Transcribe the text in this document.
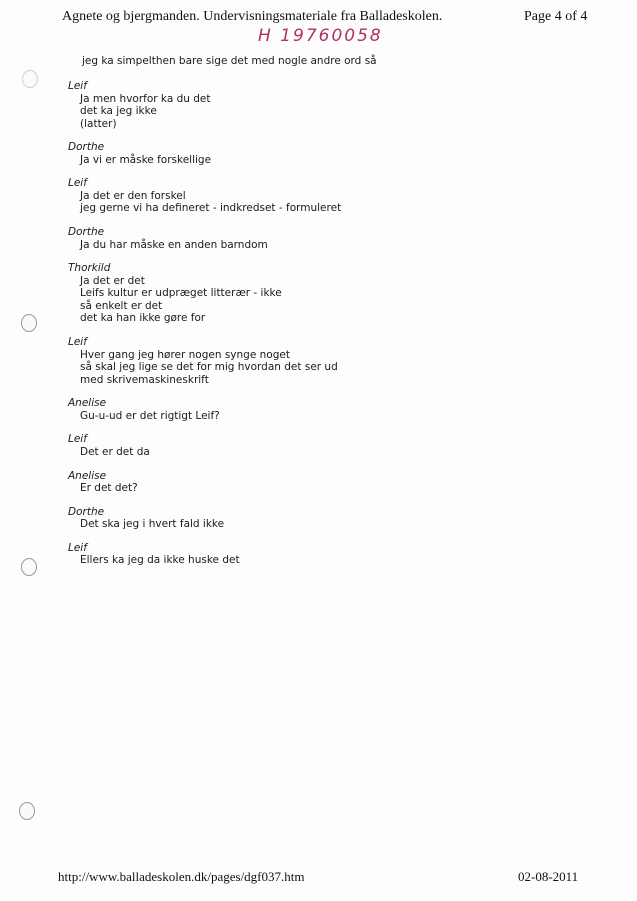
Agnete og bjergmanden. Undervisningsmateriale fra Balladeskolen.	Page 4 of 4
H 19760058
jeg ka simpelthen bare sige det med nogle andre ord så
Leif
Ja men hvorfor ka du det
det ka jeg ikke
(latter)
Dorthe
Ja vi er måske forskellige
Leif
Ja det er den forskel
jeg gerne vi ha defineret - indkredset - formuleret
Dorthe
Ja du har måske en anden barndom
Thorkild
Ja det er det
Leifs kultur er udpræget litterær - ikke
så enkelt er det
det ka han ikke gøre for
Leif
Hver gang jeg hører nogen synge noget
så skal jeg lige se det for mig hvordan det ser ud
med skrivemaskineskrift
Anelise
Gu-u-ud er det rigtigt Leif?
Leif
Det er det da
Anelise
Er det det?
Dorthe
Det ska jeg i hvert fald ikke
Leif
Ellers ka jeg da ikke huske det
http://www.balladeskolen.dk/pages/dgf037.htm	02-08-2011
